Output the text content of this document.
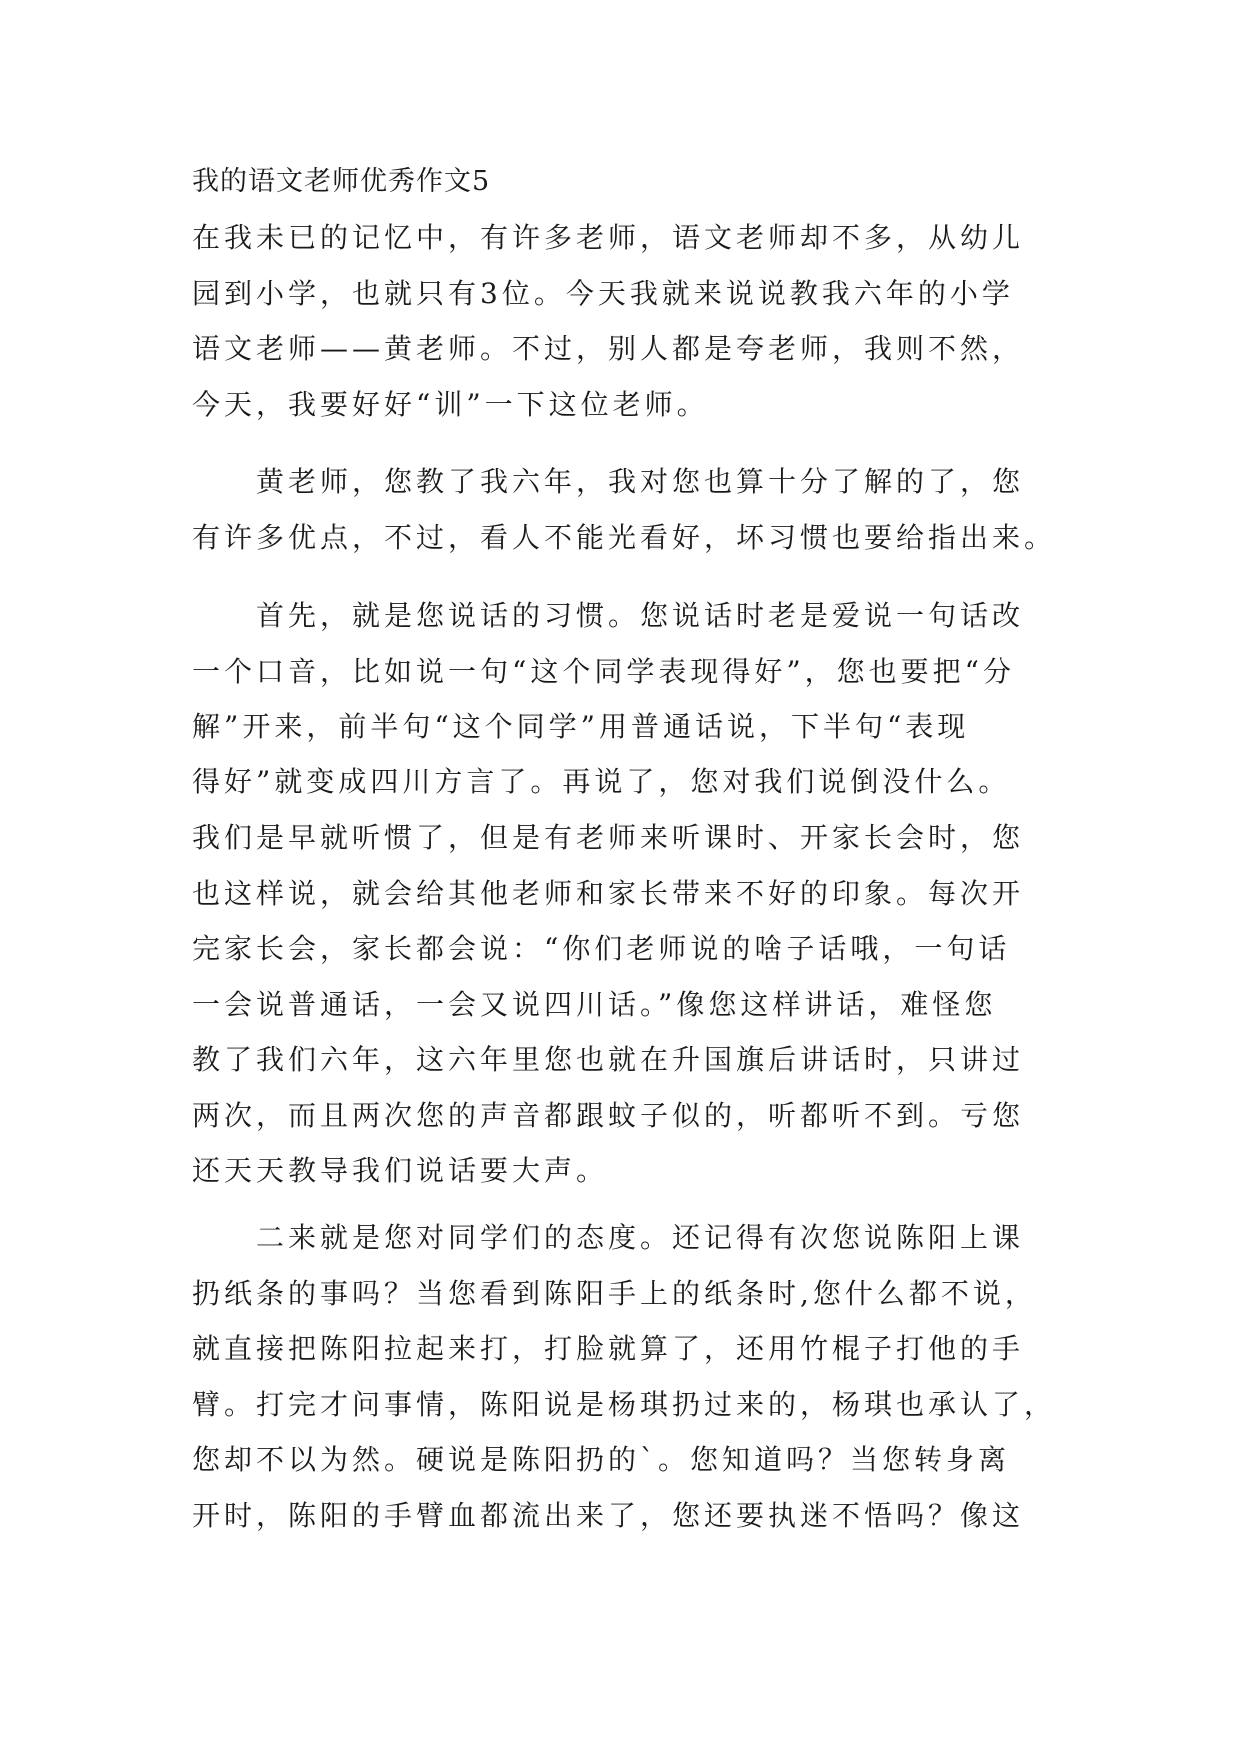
我的语文老师优秀作文5
在我未已的记忆中，有许多老师，语文老师却不多，从幼儿
园到小学，也就只有3位。今天我就来说说教我六年的小学
语文老师——黄老师。不过，别人都是夸老师，我则不然，
今天，我要好好“训”一下这位老师。
　　黄老师，您教了我六年，我对您也算十分了解的了，您
有许多优点，不过，看人不能光看好，坏习惯也要给指出来。
　　首先，就是您说话的习惯。您说话时老是爱说一句话改
一个口音，比如说一句“这个同学表现得好”，您也要把“分
解”开来，前半句“这个同学”用普通话说，下半句“表现
得好”就变成四川方言了。再说了，您对我们说倒没什么。
我们是早就听惯了，但是有老师来听课时、开家长会时，您
也这样说，就会给其他老师和家长带来不好的印象。每次开
完家长会，家长都会说：“你们老师说的啥子话哦，一句话
一会说普通话，一会又说四川话。”像您这样讲话，难怪您
教了我们六年，这六年里您也就在升国旗后讲话时，只讲过
两次，而且两次您的声音都跟蚊子似的，听都听不到。亏您
还天天教导我们说话要大声。
　　二来就是您对同学们的态度。还记得有次您说陈阳上课
扔纸条的事吗？当您看到陈阳手上的纸条时,您什么都不说，
就直接把陈阳拉起来打，打脸就算了，还用竹棍子打他的手
臂。打完才问事情，陈阳说是杨琪扔过来的，杨琪也承认了，
您却不以为然。硬说是陈阳扔的`。您知道吗？当您转身离
开时，陈阳的手臂血都流出来了，您还要执迷不悟吗？像这
